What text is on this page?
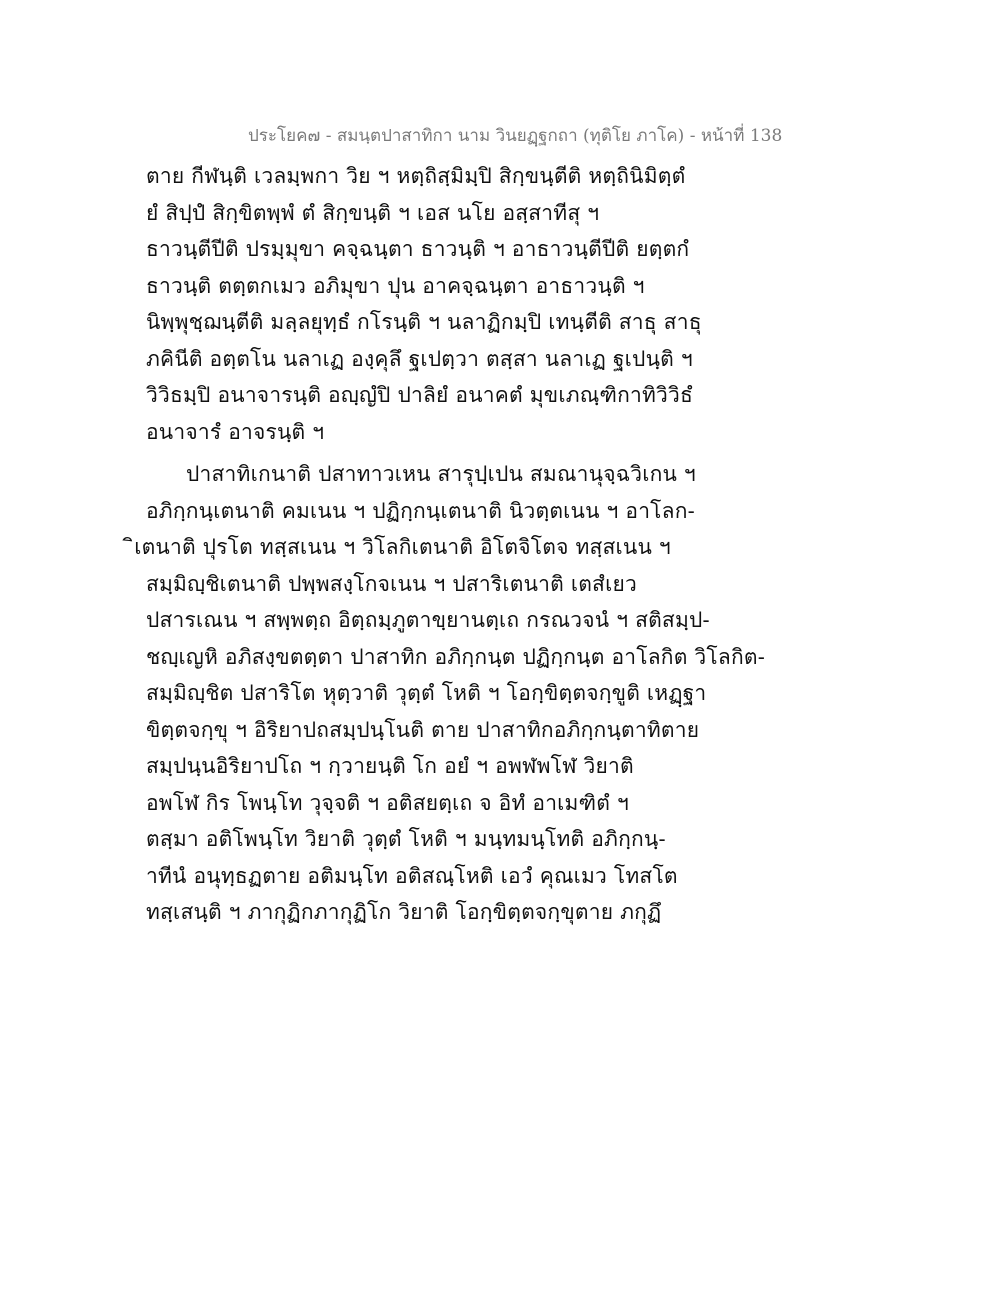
ประโยค๗ - สมนฺตปาสาทิกา นาม วินยฏฺฐกถา (ทุติโย ภาโค) - หน้าที่ 138
ตาย กีฬนฺติ เวลมฺพกา วิย ฯ หตฺถิสฺมิมฺปิ สิกฺขนฺตีติ หตฺถินิมิตฺตํ
ยํ สิปฺปํ สิกฺขิตพฺพํ ตํ สิกฺขนฺติ ฯ เอส นโย อสฺสาทีสุ ฯ
ธาวนฺตีปีติ ปรมฺมุขา คจฺฉนฺตา ธาวนฺติ ฯ อาธาวนฺตีปีติ ยตฺตกํ
ธาวนฺติ ตตฺตกเมว อภิมุขา ปุน อาคจฺฉนฺตา อาธาวนฺติ ฯ
นิพฺพุชฺฌนฺตีติ มลฺลยุทฺธํ กโรนฺติ ฯ นลาฏิกมฺปิ เทนฺตีติ สาธุ สาธุ
ภคินีติ อตฺตโน นลาเฏ องฺคุลึ ฐเปตฺวา ตสฺสา นลาเฏ ฐเปนฺติ ฯ
วิวิธมฺปิ อนาจารนฺติ อญฺญํปิ ปาลิยํ อนาคตํ มุขเภณฺฑิกาทิวิวิธํ
อนาจารํ อาจรนฺติ ฯ
ปาสาทิเกนาติ ปสาทาวเหน สารุปฺเปน สมณานุจฺฉวิเกน ฯ
อภิกฺกนฺเตนาติ คมเนน ฯ ปฏิกฺกนฺเตนาติ นิวตฺตเนน ฯ อาโลก-
ิเตนาติ ปุรโต ทสฺสเนน ฯ วิโลกิเตนาติ อิโตจิโตจ ทสฺสเนน ฯ
สมฺมิญฺชิเตนาติ ปพฺพสงฺโกจเนน ฯ ปสาริเตนาติ เตสํเยว
ปสารเณน ฯ สพฺพตฺถ อิตฺถมฺภูตาขฺยานตฺเถ กรณวจนํ ฯ สติสมฺป-
ชญฺเญหิ อภิสงฺขตตฺตา ปาสาทิก อภิกฺกนฺต ปฏิกฺกนฺต อาโลกิต วิโลกิต-
สมฺมิญฺชิต ปสาริโต หุตฺวาติ วุตฺตํ โหติ ฯ โอกฺขิตฺตจกฺขูติ เหฏฺฐา
ขิตฺตจกฺขุ ฯ อิริยาปถสมฺปนฺโนติ ตาย ปาสาทิกอภิกฺกนฺตาทิตาย
สมฺปนฺนอิริยาปโถ ฯ กฺวายนฺติ โก อยํ ฯ อพฬพโฬ วิยาติ
อพโฬ กิร โพนฺโท วุจฺจติ ฯ อติสยตฺเถ จ อิทํ อาเมฑิตํ ฯ
ตสฺมา อติโพนฺโท วิยาติ วุตฺตํ โหติ ฯ มนฺทมนฺโทติ อภิกฺกนฺ-
าทีนํ อนุทฺธฏตาย อติมนฺโท อติสณฺโหติ เอวํ คุณเมว โทสโต
ทสฺเสนฺติ ฯ ภากุฏิกภากุฏิโก วิยาติ โอกฺขิตฺตจกฺขุตาย ภกุฏึ
